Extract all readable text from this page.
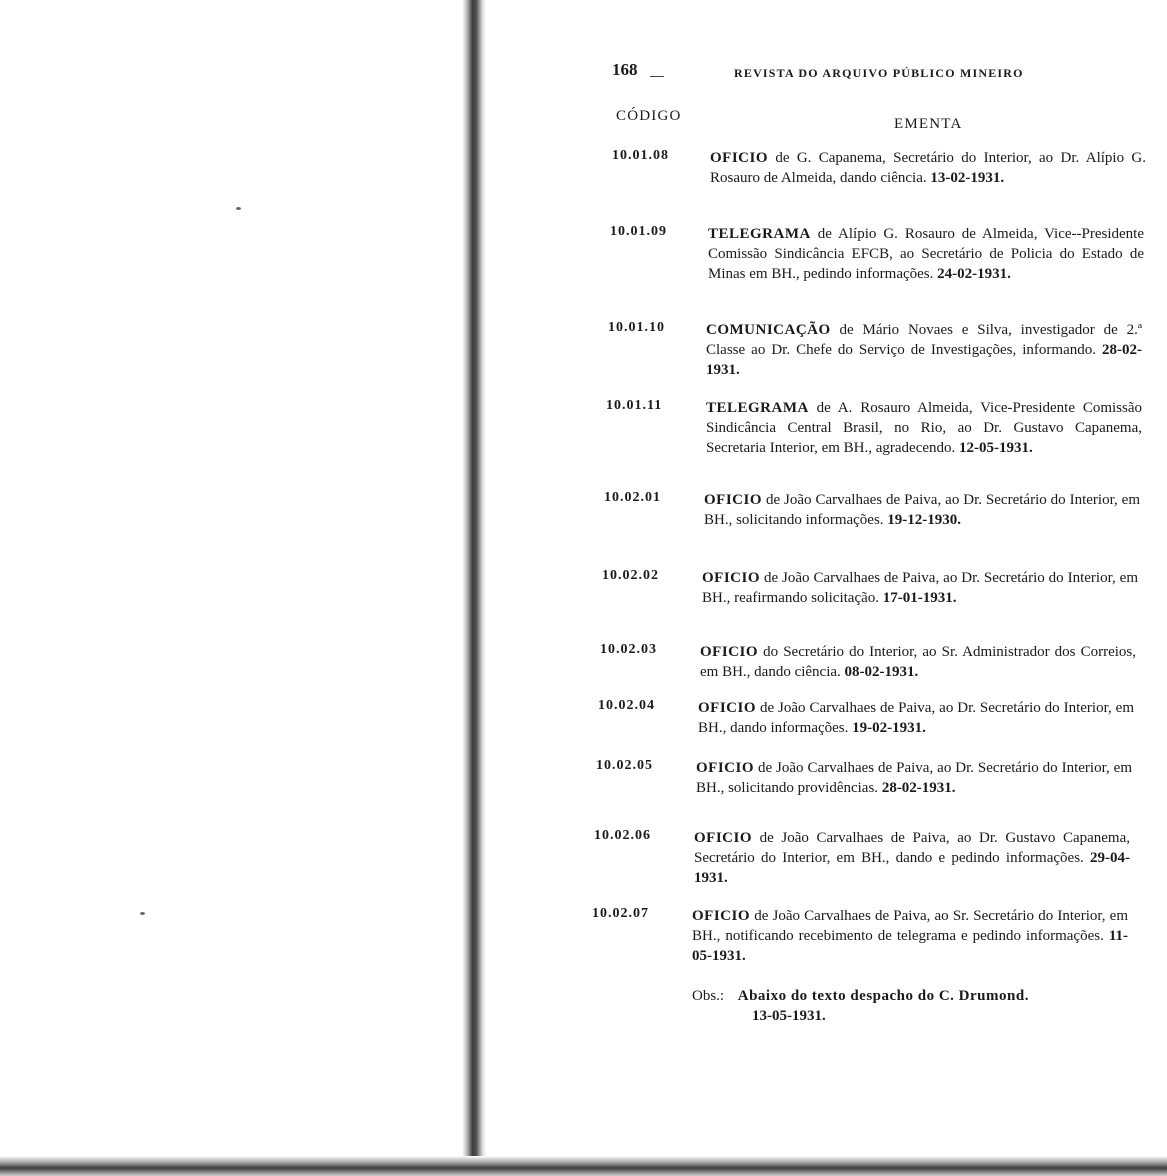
168	REVISTA DO ARQUIVO PÚBLICO MINEIRO
CÓDIGO	EMENTA
10.01.08	OFICIO de G. Capanema, Secretário do Interior, ao Dr. Alípio G. Rosauro de Almeida, dando ciência. 13-02-1931.
10.01.09	TELEGRAMA de Alípio G. Rosauro de Almeida, Vice--Presidente Comissão Sindicância EFCB, ao Secretário de Policia do Estado de Minas em BH., pedindo informações. 24-02-1931.
10.01.10	COMUNICAÇÃO de Mário Novaes e Silva, investigador de 2.ª Classe ao Dr. Chefe do Serviço de Investigações, informando. 28-02-1931.
10.01.11	TELEGRAMA de A. Rosauro Almeida, Vice-Presidente Comissão Sindicância Central Brasil, no Rio, ao Dr. Gustavo Capanema, Secretaria Interior, em BH., agradecendo. 12-05-1931.
10.02.01	OFICIO de João Carvalhaes de Paiva, ao Dr. Secretário do Interior, em BH., solicitando informações. 19-12-1930.
10.02.02	OFICIO de João Carvalhaes de Paiva, ao Dr. Secretário do Interior, em BH., reafirmando solicitação. 17-01-1931.
10.02.03	OFICIO do Secretário do Interior, ao Sr. Administrador dos Correios, em BH., dando ciência. 08-02-1931.
10.02.04	OFICIO de João Carvalhaes de Paiva, ao Dr. Secretário do Interior, em BH., dando informações. 19-02-1931.
10.02.05	OFICIO de João Carvalhaes de Paiva, ao Dr. Secretário do Interior, em BH., solicitando providências. 28-02-1931.
10.02.06	OFICIO de João Carvalhaes de Paiva, ao Dr. Gustavo Capanema, Secretário do Interior, em BH., dando e pedindo informações. 29-04-1931.
10.02.07	OFICIO de João Carvalhaes de Paiva, ao Sr. Secretário do Interior, em BH., notificando recebimento de telegrama e pedindo informações. 11-05-1931.
Obs.: Abaixo do texto despacho do C. Drumond.
13-05-1931.
